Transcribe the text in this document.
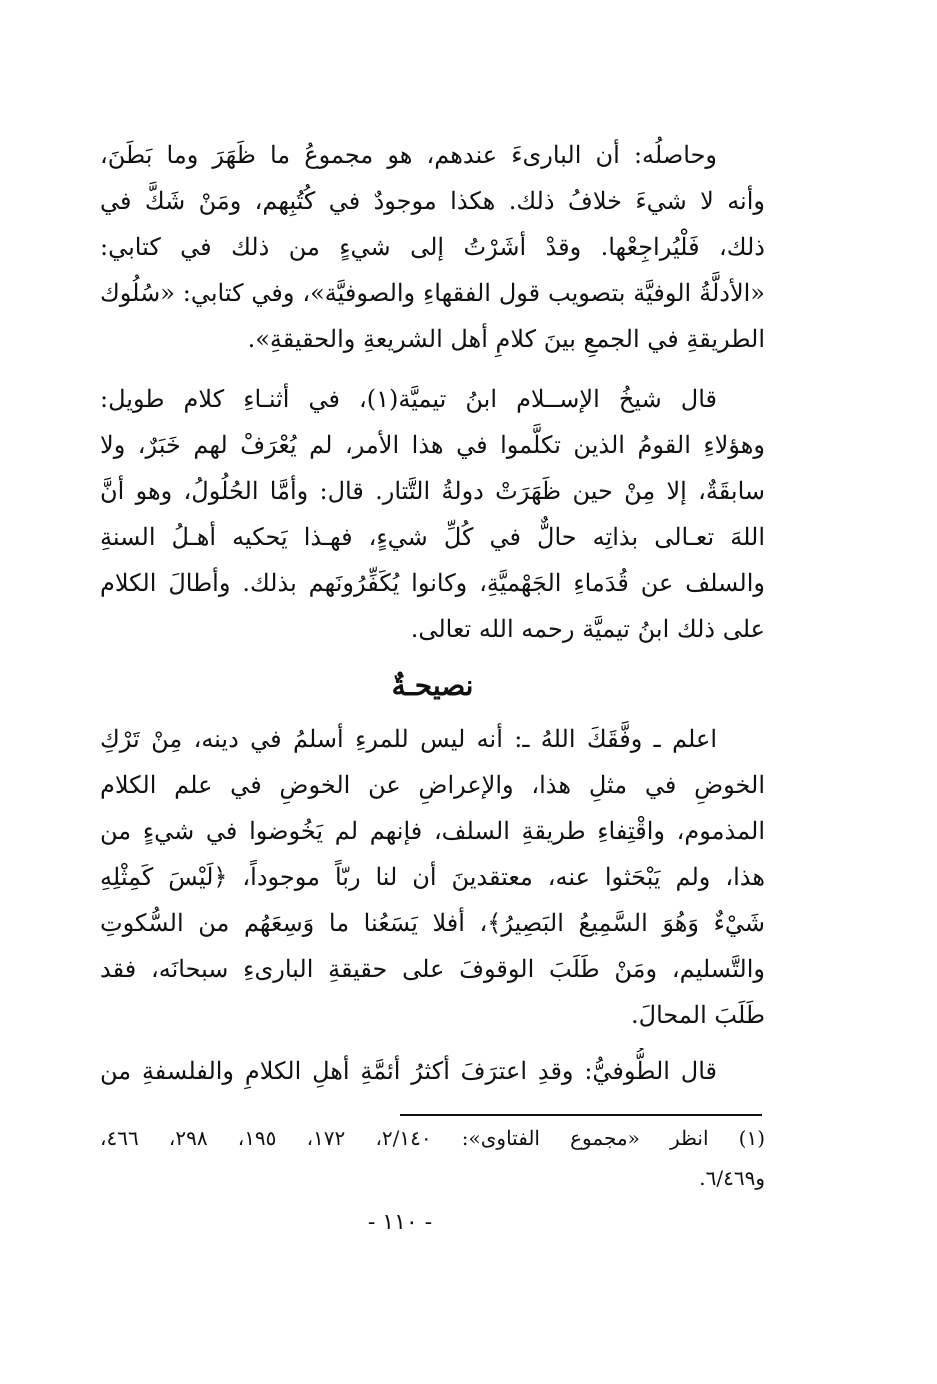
وحاصلُه: أن البارىءَ عندهم، هو مجموعُ ما ظَهَرَ وما بَطَنَ،
وأنه لا شيءَ خلافُ ذلك. هكذا موجودٌ في كُتُبِهم، ومَنْ شَكَّ في
ذلك، فَلْيُراجِعْها. وقدْ أشَرْتُ إلى شيءٍ من ذلك في كتابي:
«الأدلَّةُ الوفيَّة بتصويب قول الفقهاءِ والصوفيَّة»، وفي كتابي: «سُلُوك
الطريقةِ في الجمعِ بينَ كلامِ أهل الشريعةِ والحقيقةِ».

قال شيخُ الإســلام ابنُ تيميَّة(١)، في أثنـاءِ كلام طويل:
وهؤلاءِ القومُ الذين تكلَّموا في هذا الأمر، لم يُعْرَفْ لهم خَبَرٌ، ولا
سابقَةٌ، إلا مِنْ حين ظَهَرَتْ دولةُ التَّتار. قال: وأمَّا الحُلُولُ، وهو أنَّ
اللهَ تعـالى بذاتِه حالٌّ في كُلِّ شيءٍ، فهـذا يَحكيه أهـلُ السنةِ
والسلف عن قُدَماءِ الجَهْميَّةِ، وكانوا يُكَفِّرُونَهم بذلك. وأطالَ الكلام
على ذلك ابنُ تيميَّة رحمه الله تعالى.

نصيحـةٌ

اعلم ـ وفَّقَكَ اللهُ ـ: أنه ليس للمرءِ أسلمُ في دينه، مِنْ تَرْكِ
الخوضِ في مثلِ هذا، والإعراضِ عن الخوضِ في علم الكلام
المذموم، واقْتِفاءِ طريقةِ السلف، فإنهم لم يَخُوضوا في شيءٍ من
هذا، ولم يَبْحَثوا عنه، معتقدينَ أن لنا ربّاً موجوداً، ﴿لَيْسَ كَمِثْلِهِ
شَيْءٌ وَهُوَ السَّمِيعُ البَصِيرُ﴾، أفلا يَسَعُنا ما وَسِعَهُم من السُّكوتِ
والتَّسليم، ومَنْ طَلَبَ الوقوفَ على حقيقةِ البارىءِ سبحانَه، فقد
طَلَبَ المحالَ.

قال الطُّوفيُّ: وقدِ اعترَفَ أكثرُ أئمَّةِ أهلِ الكلامِ والفلسفةِ من

(١) انظر «مجموع الفتاوى»: ٢/١٤٠، ١٧٢، ١٩٥، ٢٩٨، ٤٦٦،
و٦/٤٦٩.
- ١١٠ -
